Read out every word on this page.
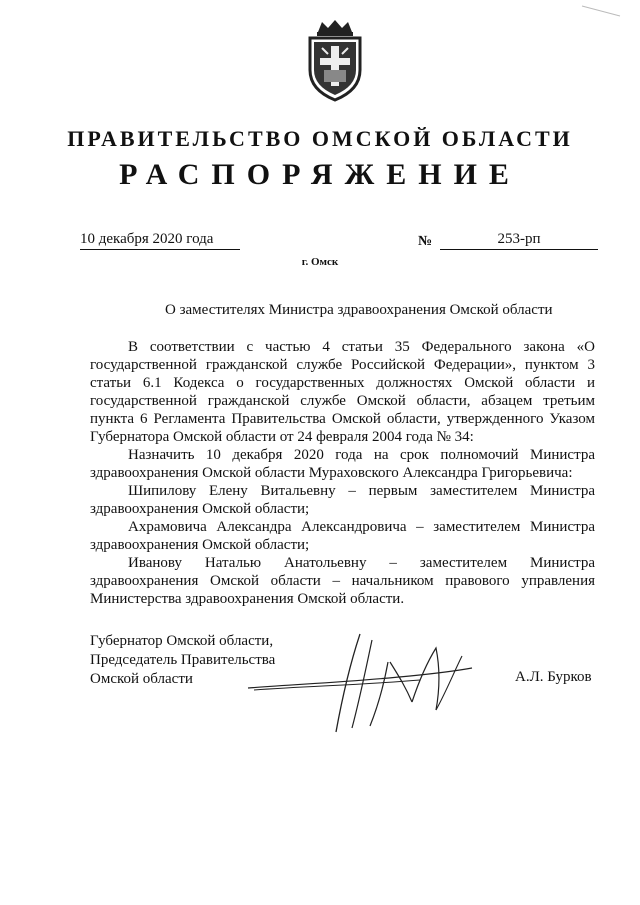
ПРАВИТЕЛЬСТВО ОМСКОЙ ОБЛАСТИ
РАСПОРЯЖЕНИЕ
10 декабря 2020 года	№	253-рп
г. Омск
О заместителях Министра здравоохранения Омской области

В соответствии с частью 4 статьи 35 Федерального закона «О государственной гражданской службе Российской Федерации», пунктом 3 статьи 6.1 Кодекса о государственных должностях Омской области и государственной гражданской службе Омской области, абзацем третьим пункта 6 Регламента Правительства Омской области, утвержденного Указом Губернатора Омской области от 24 февраля 2004 года № 34:

Назначить 10 декабря 2020 года на срок полномочий Министра здравоохранения Омской области Мураховского Александра Григорьевича:

Шипилову Елену Витальевну – первым заместителем Министра здравоохранения Омской области;

Ахрамовича Александра Александровича – заместителем Министра здравоохранения Омской области;

Иванову Наталью Анатольевну – заместителем Министра здравоохранения Омской области – начальником правового управления Министерства здравоохранения Омской области.

Губернатор Омской области,
Председатель Правительства
Омской области	А.Л. Бурков
